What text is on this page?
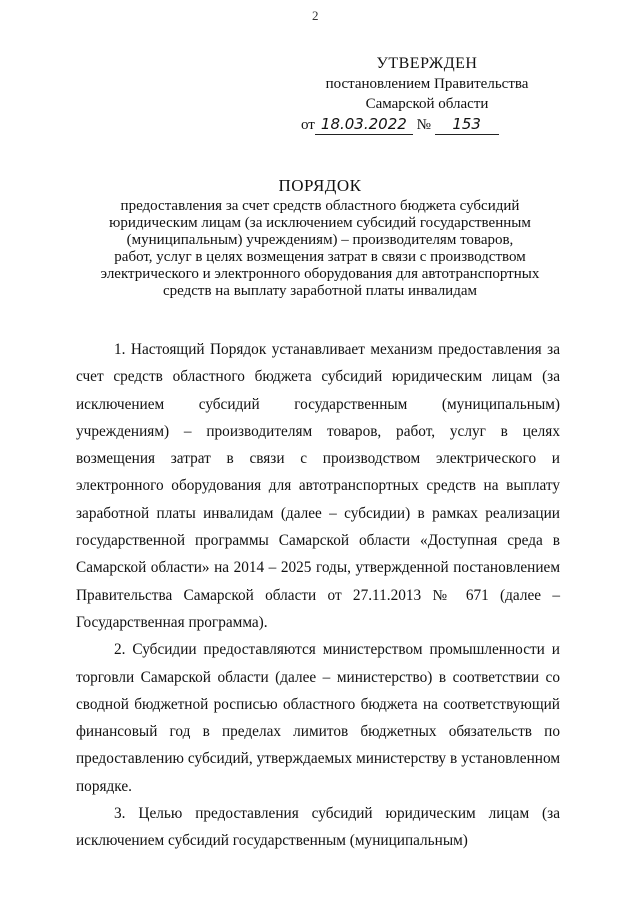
2
УТВЕРЖДЕН
постановлением Правительства
Самарской области
от 18.03.2022 № 153
ПОРЯДОК
предоставления за счет средств областного бюджета субсидий
юридическим лицам (за исключением субсидий государственным
(муниципальным) учреждениям) – производителям товаров,
работ, услуг в целях возмещения затрат в связи с производством
электрического и электронного оборудования для автотранспортных
средств на выплату заработной платы инвалидам

1. Настоящий Порядок устанавливает механизм предоставления за счет средств областного бюджета субсидий юридическим лицам (за исключением субсидий государственным (муниципальным) учреждениям) – производителям товаров, работ, услуг в целях возмещения затрат в связи с производством электрического и электронного оборудования для автотранспортных средств на выплату заработной платы инвалидам (далее – субсидии) в рамках реализации государственной программы Самарской области «Доступная среда в Самарской области» на 2014 – 2025 годы, утвержденной постановлением Правительства Самарской области от 27.11.2013 № 671 (далее – Государственная программа).

2. Субсидии предоставляются министерством промышленности и торговли Самарской области (далее – министерство) в соответствии со сводной бюджетной росписью областного бюджета на соответствующий финансовый год в пределах лимитов бюджетных обязательств по предоставлению субсидий, утверждаемых министерству в установленном порядке.

3. Целью предоставления субсидий юридическим лицам (за исключением субсидий государственным (муниципальным)
